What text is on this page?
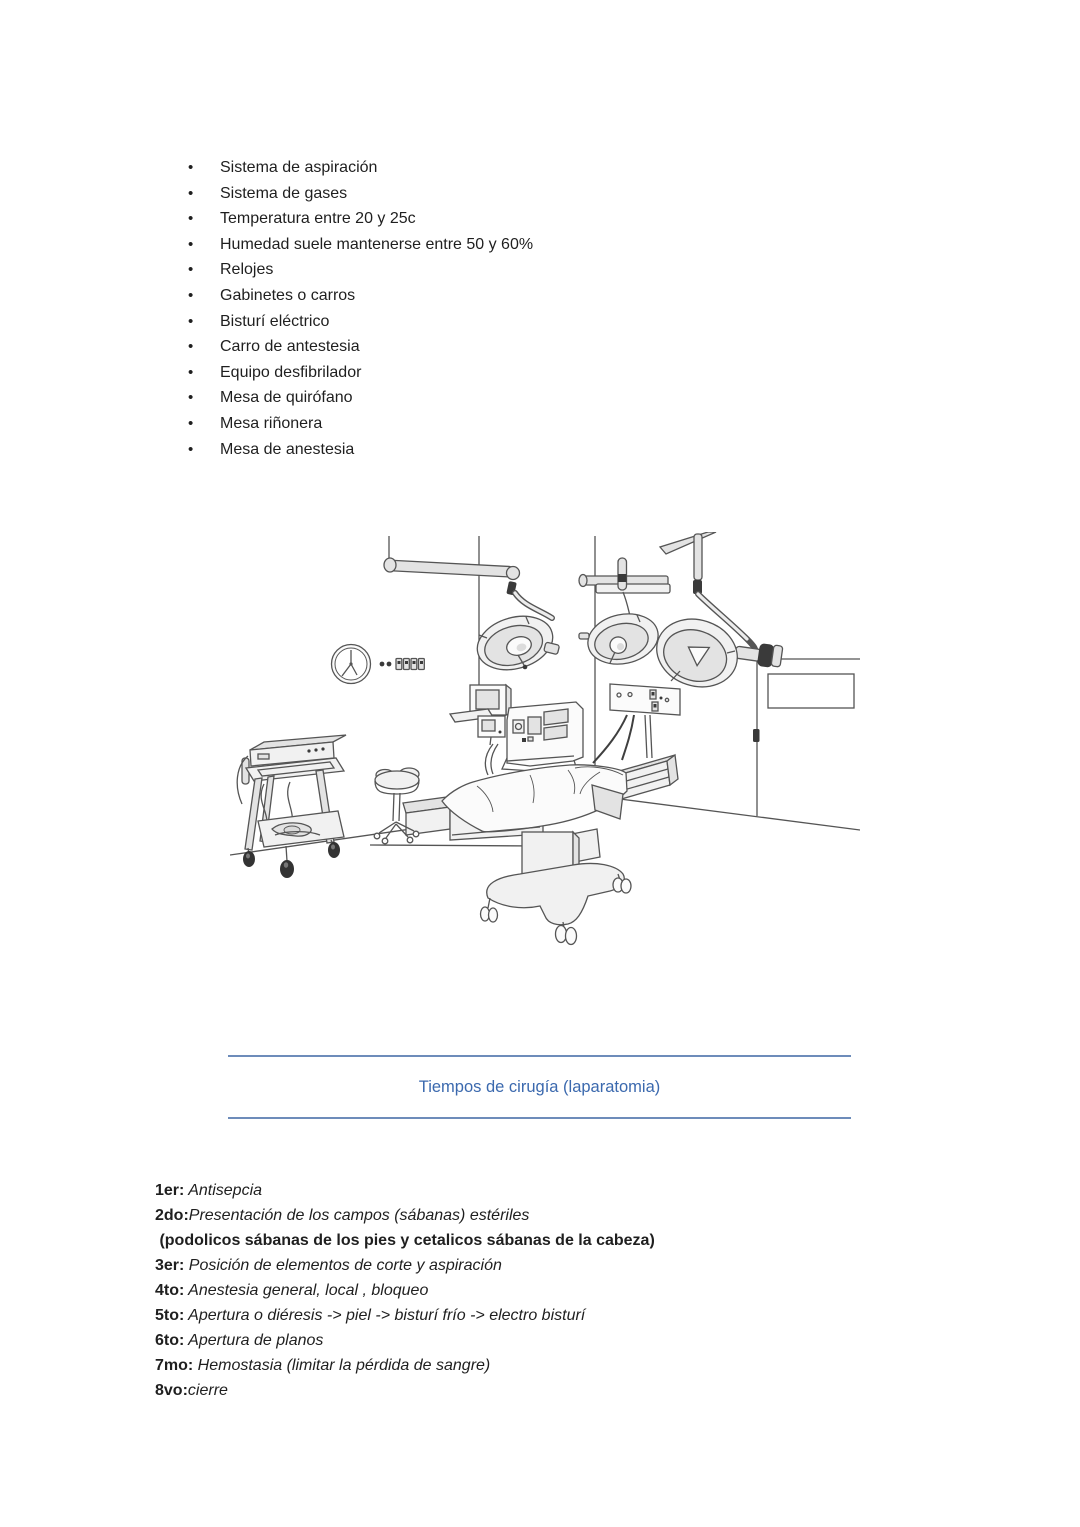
•	Sistema de aspiración
•	Sistema de gases
•	Temperatura entre 20 y 25c
•	Humedad suele mantenerse entre 50 y 60%
•	Relojes
•	Gabinetes o carros
•	Bisturí eléctrico
•	Carro de antestesia
•	Equipo desfibrilador
•	Mesa de quirófano
•	Mesa riñonera
•	Mesa de anestesia
Tiempos de cirugía (laparatomia)
1er: Antisepcia
2do:Presentación de los campos (sábanas) estériles
(podolicos sábanas de los pies y cetalicos sábanas de la cabeza)
3er: Posición de elementos de corte y aspiración
4to: Anestesia general, local , bloqueo
5to: Apertura o diéresis -> piel -> bisturí frío -> electro bisturí
6to: Apertura de planos
7mo: Hemostasia (limitar la pérdida de sangre)
8vo:cierre
